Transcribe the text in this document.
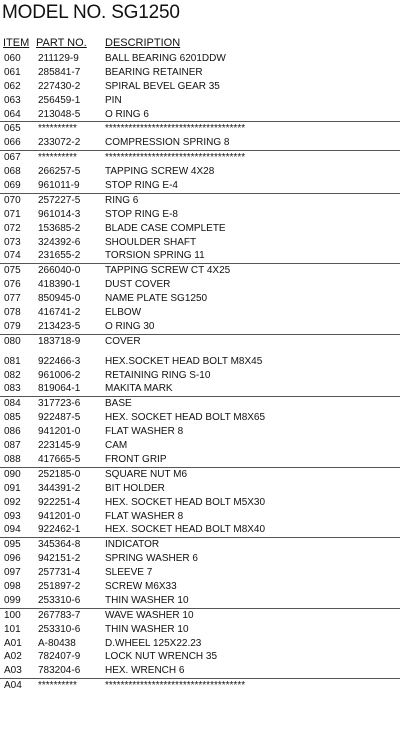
MODEL NO. SG1250
ITEM PART NO. DESCRIPTION
060 211129-9	BALL BEARING 6201DDW
061 285841-7 BEARING RETAINER
062 227430-2 SPIRAL BEVEL GEAR 35
063 256459-1 PIN
064 213048-5 O RING 6
065 **********	************************************
066 233072-2 COMPRESSION SPRING 8
067 **********	************************************
068 266257-5 TAPPING SCREW 4X28
069 961011-9	STOP RING E-4
070 257227-5 RING 6
071 961014-3 STOP RING E-8
072 153685-2 BLADE CASE COMPLETE
073 324392-6 SHOULDER SHAFT
074 231655-2 TORSION SPRING 11
075 266040-0 TAPPING SCREW CT 4X25
076 418390-1 DUST COVER
077 850945-0 NAME PLATE SG1250
078 416741-2 ELBOW
079 213423-5 O RING 30
080 183718-9 COVER
081 922466-3 HEX.SOCKET HEAD BOLT M8X45
082 961006-2 RETAINING RING S-10
083 819064-1 MAKITA MARK
084 317723-6 BASE
085 922487-5 HEX. SOCKET HEAD BOLT M8X65
086 941201-0 FLAT WASHER 8
087 223145-9 CAM
088 417665-5 FRONT GRIP
090 252185-0 SQUARE NUT M6
091 344391-2 BIT HOLDER
092 922251-4 HEX. SOCKET HEAD BOLT M5X30
093 941201-0 FLAT WASHER 8
094 922462-1 HEX. SOCKET HEAD BOLT M8X40
095 345364-8 INDICATOR
096 942151-2 SPRING WASHER 6
097 257731-4 SLEEVE 7
098 251897-2 SCREW M6X33
099 253310-6 THIN WASHER 10
100 267783-7 WAVE WASHER 10
101 253310-6 THIN WASHER 10
A01 A-80438	D.WHEEL 125X22.23
A02 782407-9 LOCK NUT WRENCH 35
A03 783204-6 HEX. WRENCH 6
A04 **********	************************************
